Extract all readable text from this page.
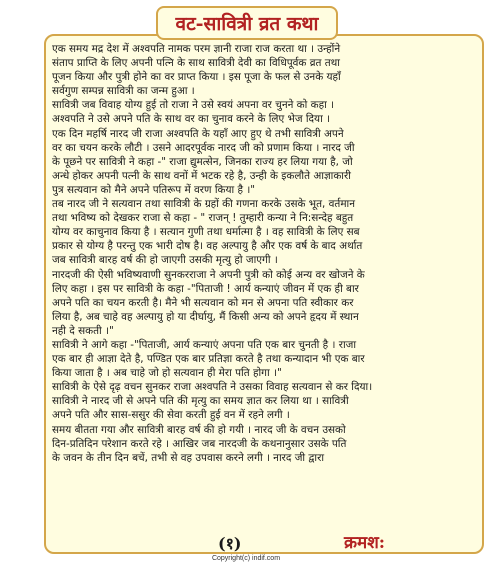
एक समय मद्र देश में अश्वपति नामक परम ज्ञानी राजा राज करता था । उन्होंने
संताप प्राप्ति के लिए अपनी पत्नि के साथ सावित्री देवी का विधिपूर्वक व्रत तथा
पूजन किया और पुत्री होने का वर प्राप्त किया । इस पूजा के फल से उनके यहाँ
सर्वगुण सम्पन्न सावित्री का जन्म हुआ ।
सावित्री जब विवाह योग्य हुई तो राजा ने उसे स्वयं अपना वर चुनने को कहा ।
अश्वपति ने उसे अपने पति के साथ वर का चुनाव करने के लिए भेज दिया ।
एक दिन महर्षि नारद जी राजा अश्वपति के यहाँ आए हुए थे तभी सावित्री अपने
वर का चयन करके लौटी । उसने आदरपूर्वक नारद जी को प्रणाम किया । नारद जी
के पूछने पर सावित्री ने कहा -" राजा द्युमत्सेन, जिनका राज्य हर लिया गया है, जो
अन्धे होकर अपनी पत्नी के साथ वनों में भटक रहे है, उन्ही के इकलौते आज्ञाकारी
पुत्र सत्यवान को मैने अपने पतिरूप में वरण किया है ।"
तब नारद जी ने सत्यवान तथा सावित्री के ग्रहों की गणना करके उसके भूत, वर्तमान
तथा भविष्य को देखकर राजा से कहा - " राजन् ! तुम्हारी कन्या ने नि:सन्देह बहुत
योग्य वर काचुनाव किया है । सत्यान गुणी तथा धर्मात्मा है । वह सावित्री के लिए सब
प्रकार से योग्य है परन्तु एक भारी दोष है। वह अल्पायु है और एक वर्ष के बाद अर्थात
जब सावित्री बारह वर्ष की हो जाएगी उसकी मृत्यु हो जाएगी ।
नारदजी की ऐसी भविष्यवाणी सुनकरराजा ने अपनी पुत्री को कोई अन्य वर खोजने के
लिए कहा । इस पर सावित्री के कहा -"पिताजी ! आर्य कन्याएं जीवन में एक ही बार
अपने पति का चयन करती है। मैने भी सत्यवान को मन से अपना पति स्वीकार कर
लिया है, अब चाहे वह अल्पायु हो या दीर्घायु, मैं किसी अन्य को अपने हृदय में स्थान
नही दे सकती ।"
सावित्री ने आगे कहा -"पिताजी, आर्य कन्याएं अपना पति एक बार चुनती है । राजा
एक बार ही आज्ञा देते है, पण्डित एक बार प्रतिज्ञा करते है तथा कन्यादान भी एक बार
किया जाता है । अब चाहे जो हो सत्यवान ही मेरा पति होगा ।"
सावित्री के ऐसे दृढ़ वचन सुनकर राजा अश्वपति ने उसका विवाह सत्यवान से कर दिया।
सावित्री ने नारद जी से अपने पति की मृत्यु का समय ज्ञात कर लिया था । सावित्री
अपने पति और सास-ससुर की सेवा करती हुई वन में रहने लगी ।
समय बीतता गया और सावित्री बारह वर्ष की हो गयी । नारद जी के वचन उसको
दिन-प्रतिदिन परेशान करते रहे । आखिर जब नारदजी के कथनानुसार उसके पति
के जवन के तीन दिन बचें, तभी से वह उपवास करने लगी । नारद जी द्वारा
वट-सावित्री व्रत कथा
(१)	क्रमश:
Copyright(c) indif.com
